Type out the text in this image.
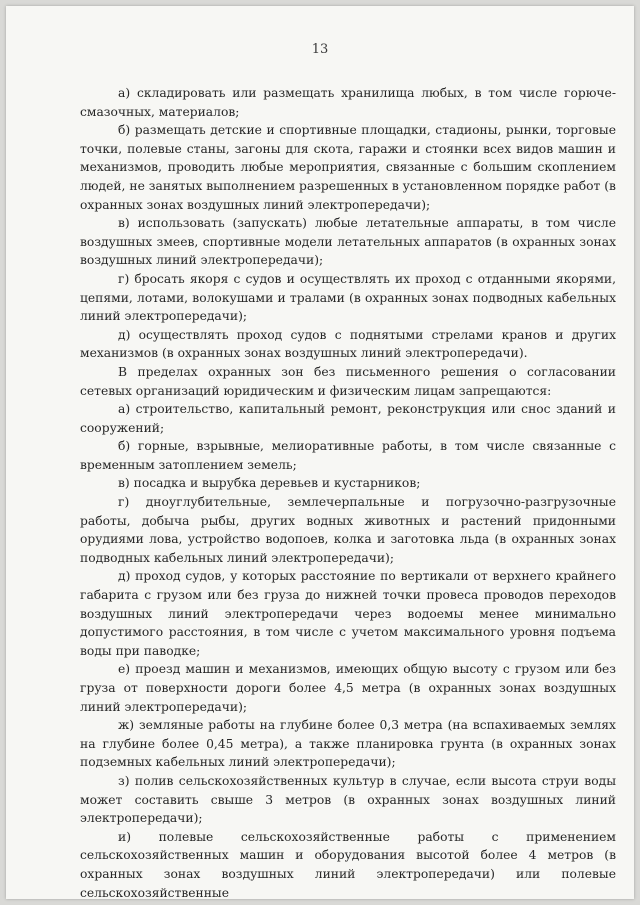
13

а) складировать или размещать хранилища любых, в том числе горюче-смазочных, материалов;

б) размещать детские и спортивные площадки, стадионы, рынки, торговые точки, полевые станы, загоны для скота, гаражи и стоянки всех видов машин и механизмов, проводить любые мероприятия, связанные с большим скоплением людей, не занятых выполнением разрешенных в установленном порядке работ (в охранных зонах воздушных линий электропередачи);

в) использовать (запускать) любые летательные аппараты, в том числе воздушных змеев, спортивные модели летательных аппаратов (в охранных зонах воздушных линий электропередачи);

г) бросать якоря с судов и осуществлять их проход с отданными якорями, цепями, лотами, волокушами и тралами (в охранных зонах подводных кабельных линий электропередачи);

д) осуществлять проход судов с поднятыми стрелами кранов и других механизмов (в охранных зонах воздушных линий электропередачи).

В пределах охранных зон без письменного решения о согласовании сетевых организаций юридическим и физическим лицам запрещаются:

а) строительство, капитальный ремонт, реконструкция или снос зданий и сооружений;

б) горные, взрывные, мелиоративные работы, в том числе связанные с временным затоплением земель;

в) посадка и вырубка деревьев и кустарников;

г) дноуглубительные, землечерпальные и погрузочно-разгрузочные работы, добыча рыбы, других водных животных и растений придонными орудиями лова, устройство водопоев, колка и заготовка льда (в охранных зонах подводных кабельных линий электропередачи);

д) проход судов, у которых расстояние по вертикали от верхнего крайнего габарита с грузом или без груза до нижней точки провеса проводов переходов воздушных линий электропередачи через водоемы менее минимально допустимого расстояния, в том числе с учетом максимального уровня подъема воды при паводке;

е) проезд машин и механизмов, имеющих общую высоту с грузом или без груза от поверхности дороги более 4,5 метра (в охранных зонах воздушных линий электропередачи);

ж) земляные работы на глубине более 0,3 метра (на вспахиваемых землях на глубине более 0,45 метра), а также планировка грунта (в охранных зонах подземных кабельных линий электропередачи);

з) полив сельскохозяйственных культур в случае, если высота струи воды может составить свыше 3 метров (в охранных зонах воздушных линий электропередачи);

и) полевые сельскохозяйственные работы с применением сельскохозяйственных машин и оборудования высотой более 4 метров (в охранных зонах воздушных линий электропередачи) или полевые сельскохозяйственные
